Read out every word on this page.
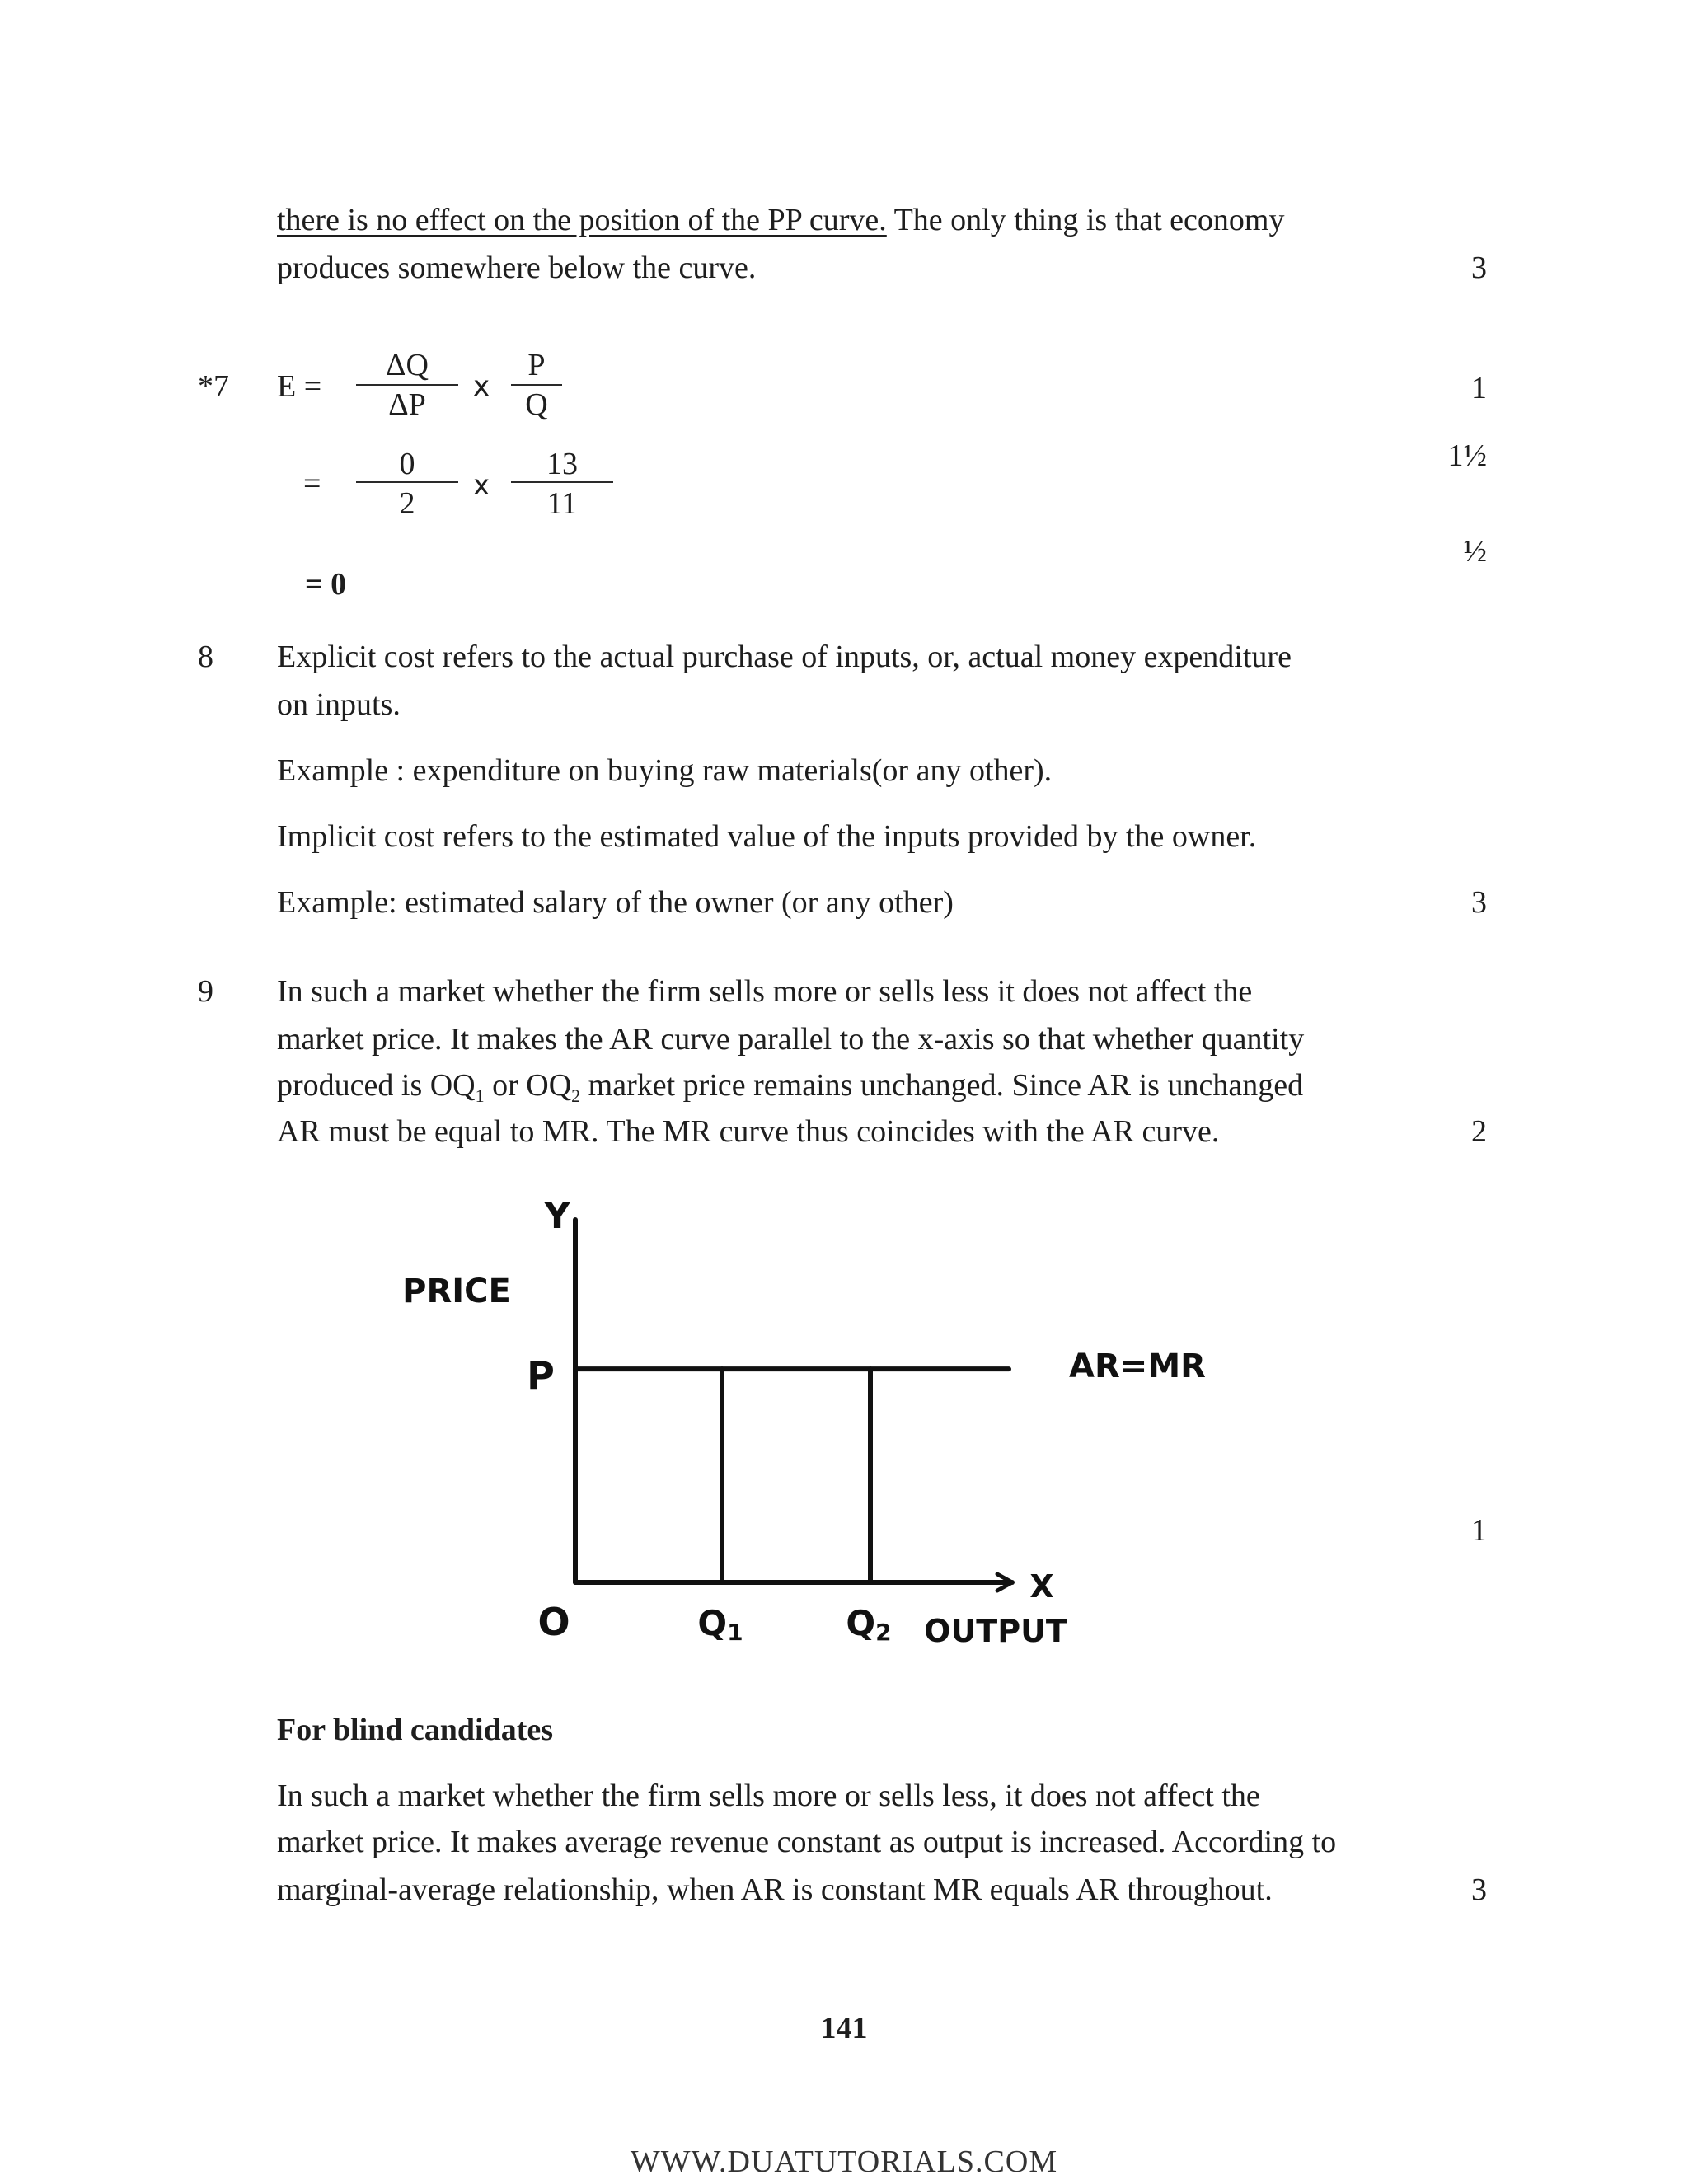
there is no effect on the position of the PP curve. The only thing is that economy
produces somewhere below the curve.	3
*7 E =
ΔQ
ΔP
x
P
Q	1
=
0
2
x
13
11
1½
½
= 0
8 Explicit cost refers to the actual purchase of inputs, or, actual money expenditure
on inputs.
Example : expenditure on buying raw materials(or any other).
Implicit cost refers to the estimated value of the inputs provided by the owner.
Example: estimated salary of the owner (or any other)	3
9 In such a market whether the firm sells more or sells less it does not affect the
market price. It makes the AR curve parallel to the x-axis so that whether quantity
produced is $OQ_1$ or $OQ_2$ market price remains unchanged. Since AR is unchanged
AR must be equal to MR. The MR curve thus coincides with the AR curve.	2
Y
PRICE
P	AR=MR
O
X
Q1	Q2 OUTPUT
1
For blind candidates
In such a market whether the firm sells more or sells less, it does not affect the
market price. It makes average revenue constant as output is increased. According to
marginal-average relationship, when AR is constant MR equals AR throughout.	3
141
WWW.DUATUTORIALS.COM
